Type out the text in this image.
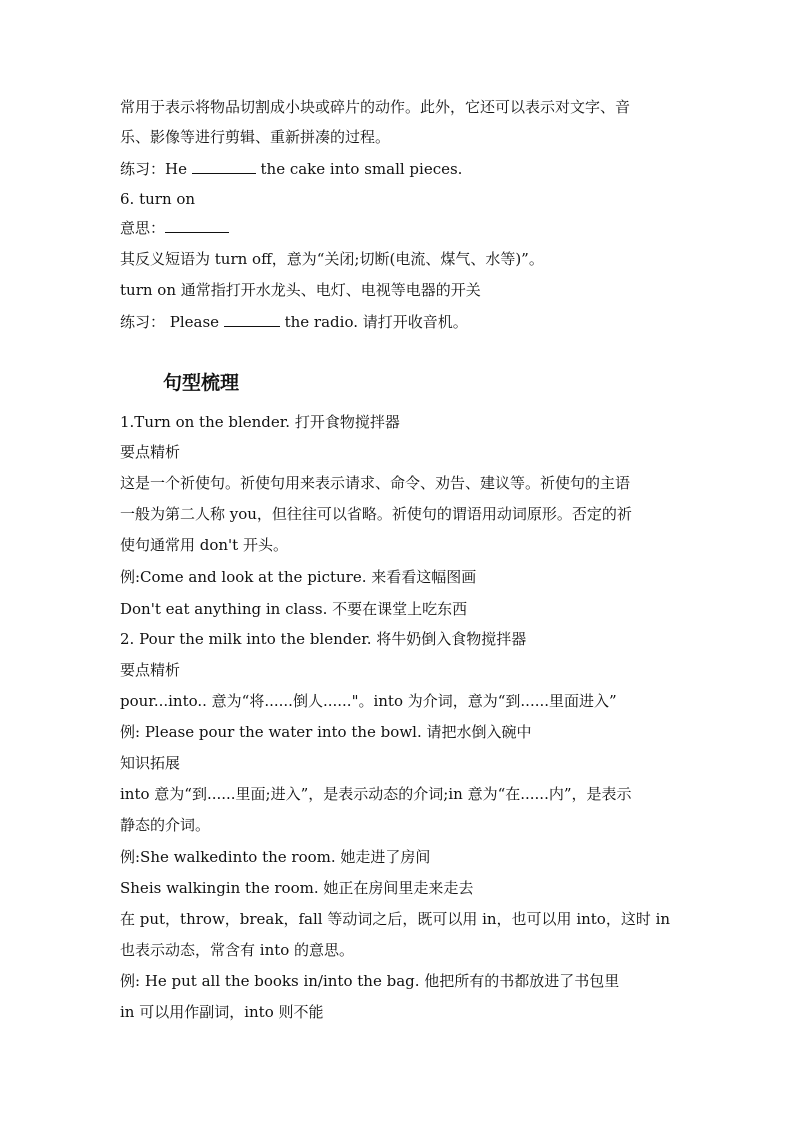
常用于表示将物品切割成小块或碎片的动作。此外，它还可以表示对文字、音
乐、影像等进行剪辑、重新拼凑的过程。
练习：He	the cake into small pieces.
6. turn on
意思：
其反义短语为 turn off，意为“关闭;切断(电流、煤气、水等)”。
turn on 通常指打开水龙头、电灯、电视等电器的开关
练习： Please	the radio. 请打开收音机。
句型梳理
1.Turn on the blender. 打开食物搅拌器
要点精析
这是一个祈使句。祈使句用来表示请求、命令、劝告、建议等。祈使句的主语
一般为第二人称 you，但往往可以省略。祈使句的谓语用动词原形。否定的祈
使句通常用 don't 开头。
例:Come and look at the picture. 来看看这幅图画
Don't eat anything in class. 不要在课堂上吃东西
2. Pour the milk into the blender. 将牛奶倒入食物搅拌器
要点精析
pour...into.. 意为“将......倒人......"。into 为介词，意为“到......里面进入”
例: Please pour the water into the bowl. 请把水倒入碗中
知识拓展
into 意为“到......里面;进入”，是表示动态的介词;in 意为“在......内”，是表示
静态的介词。
例:She walkedinto the room. 她走进了房间
Sheis walkingin the room. 她正在房间里走来走去
在 put，throw，break，fall 等动词之后，既可以用 in，也可以用 into，这时 in
也表示动态，常含有 into 的意思。
例: He put all the books in/into the bag. 他把所有的书都放进了书包里
in 可以用作副词，into 则不能
